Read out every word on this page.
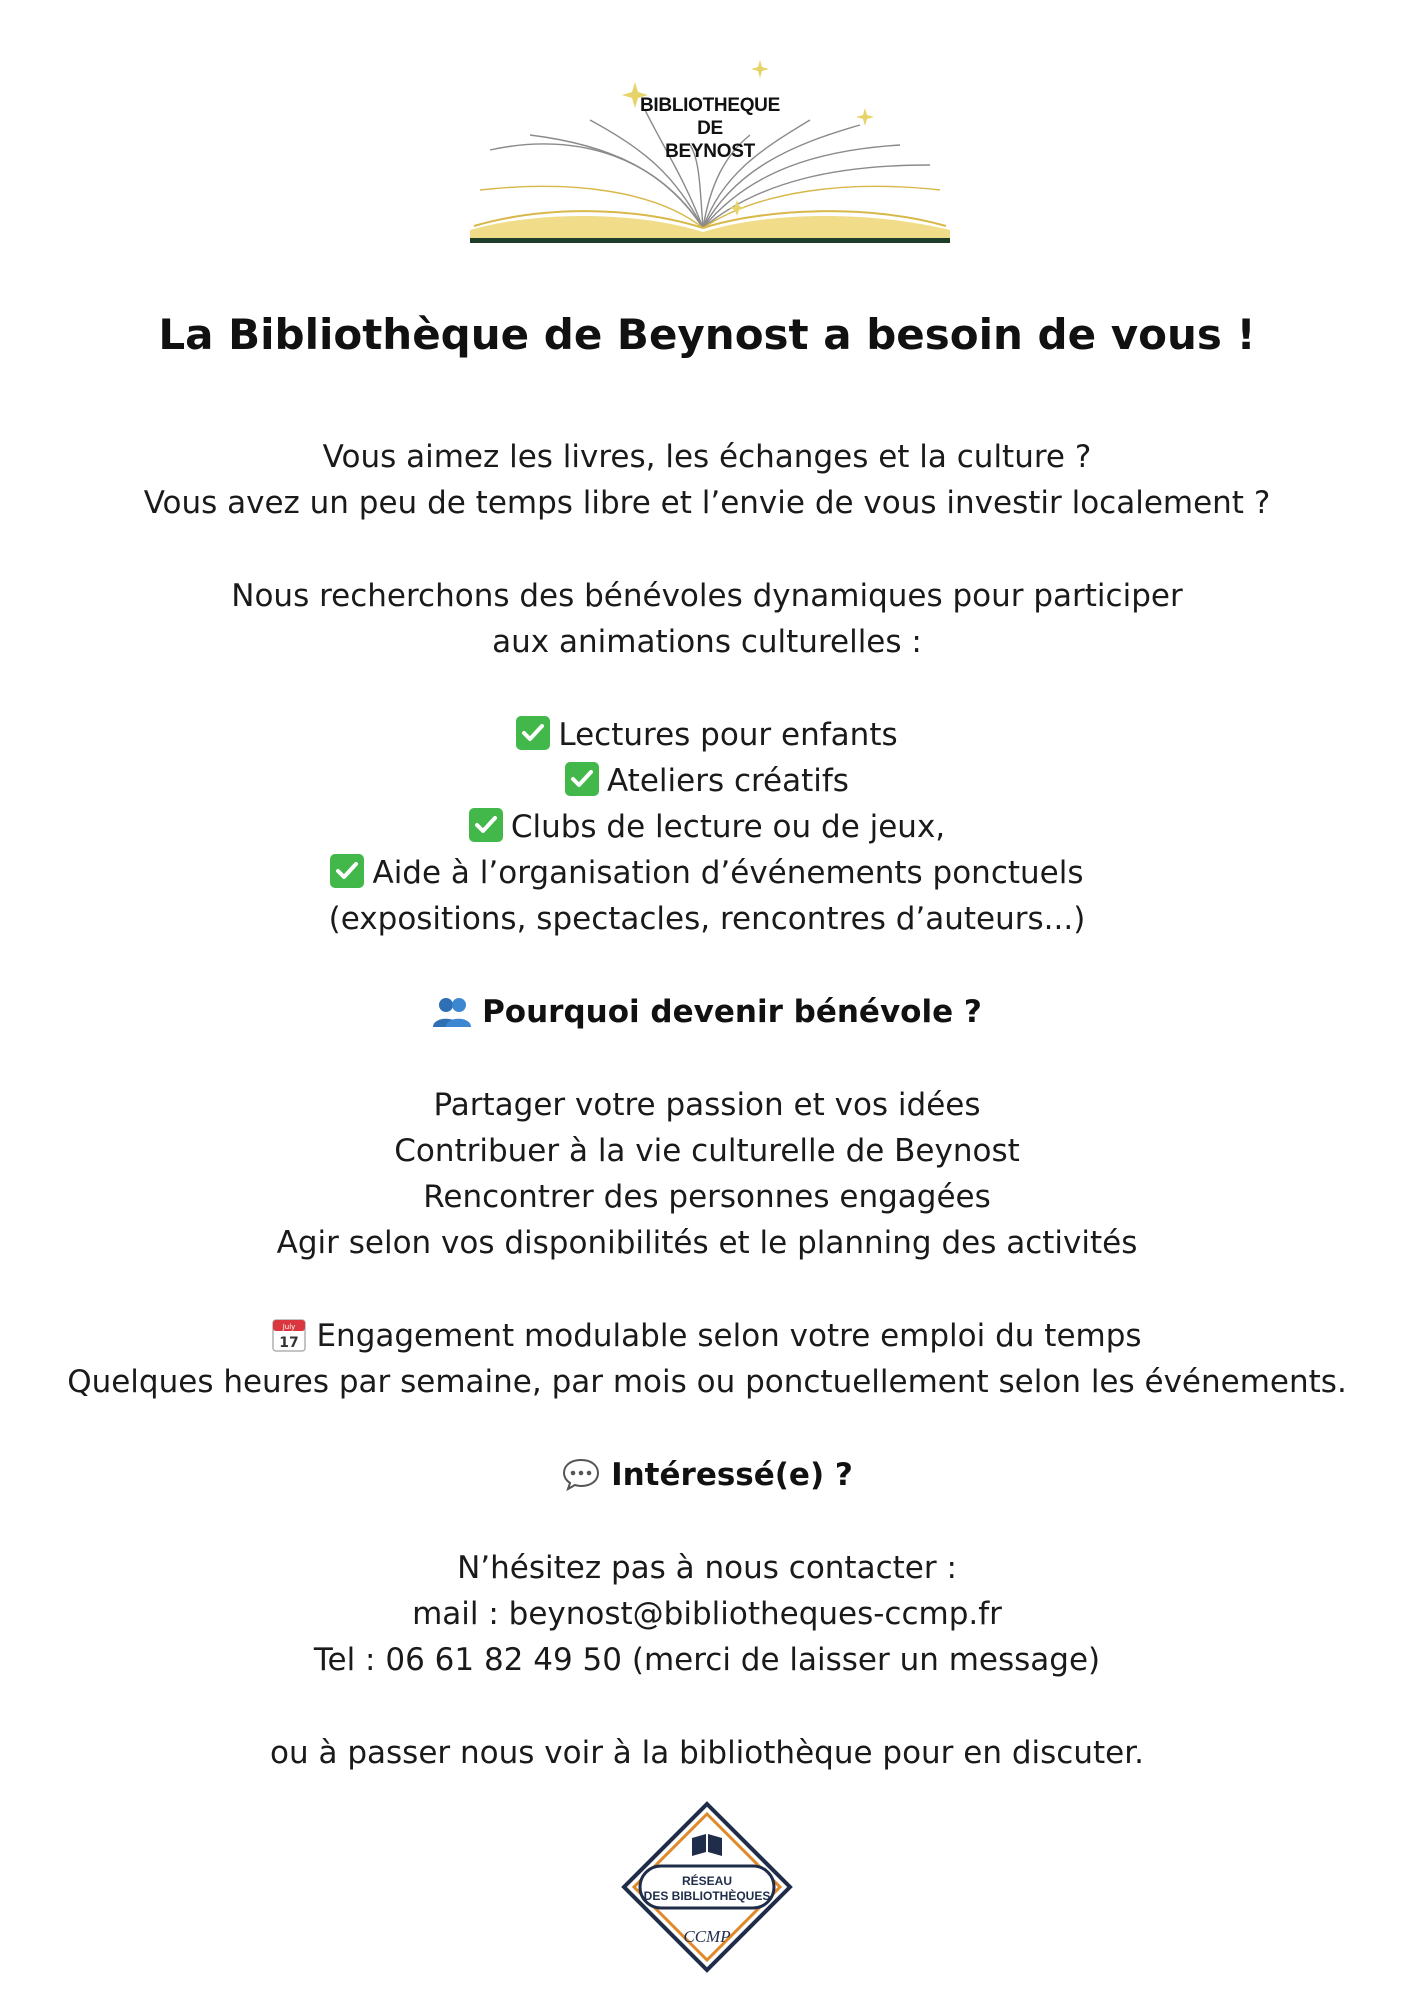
BIBLIOTHEQUE
DE
BEYNOST
La Bibliothèque de Beynost a besoin de vous !
Vous aimez les livres, les échanges et la culture ?
Vous avez un peu de temps libre et l’envie de vous investir localement ?
Nous recherchons des bénévoles dynamiques pour participer
aux animations culturelles :
Lectures pour enfants
Ateliers créatifs
Clubs de lecture ou de jeux,
Aide à l’organisation d’événements ponctuels
(expositions, spectacles, rencontres d’auteurs...)
Pourquoi devenir bénévole ?
Partager votre passion et vos idées
Contribuer à la vie culturelle de Beynost
Rencontrer des personnes engagées
Agir selon vos disponibilités et le planning des activités
July
17 Engagement modulable selon votre emploi du temps
Quelques heures par semaine, par mois ou ponctuellement selon les événements.
Intéressé(e) ?
N’hésitez pas à nous contacter :
mail : beynost@bibliotheques-ccmp.fr
Tel : 06 61 82 49 50 (merci de laisser un message)
ou à passer nous voir à la bibliothèque pour en discuter.
CCMP
RÉSEAU
DES BIBLIOTHÈQUES
